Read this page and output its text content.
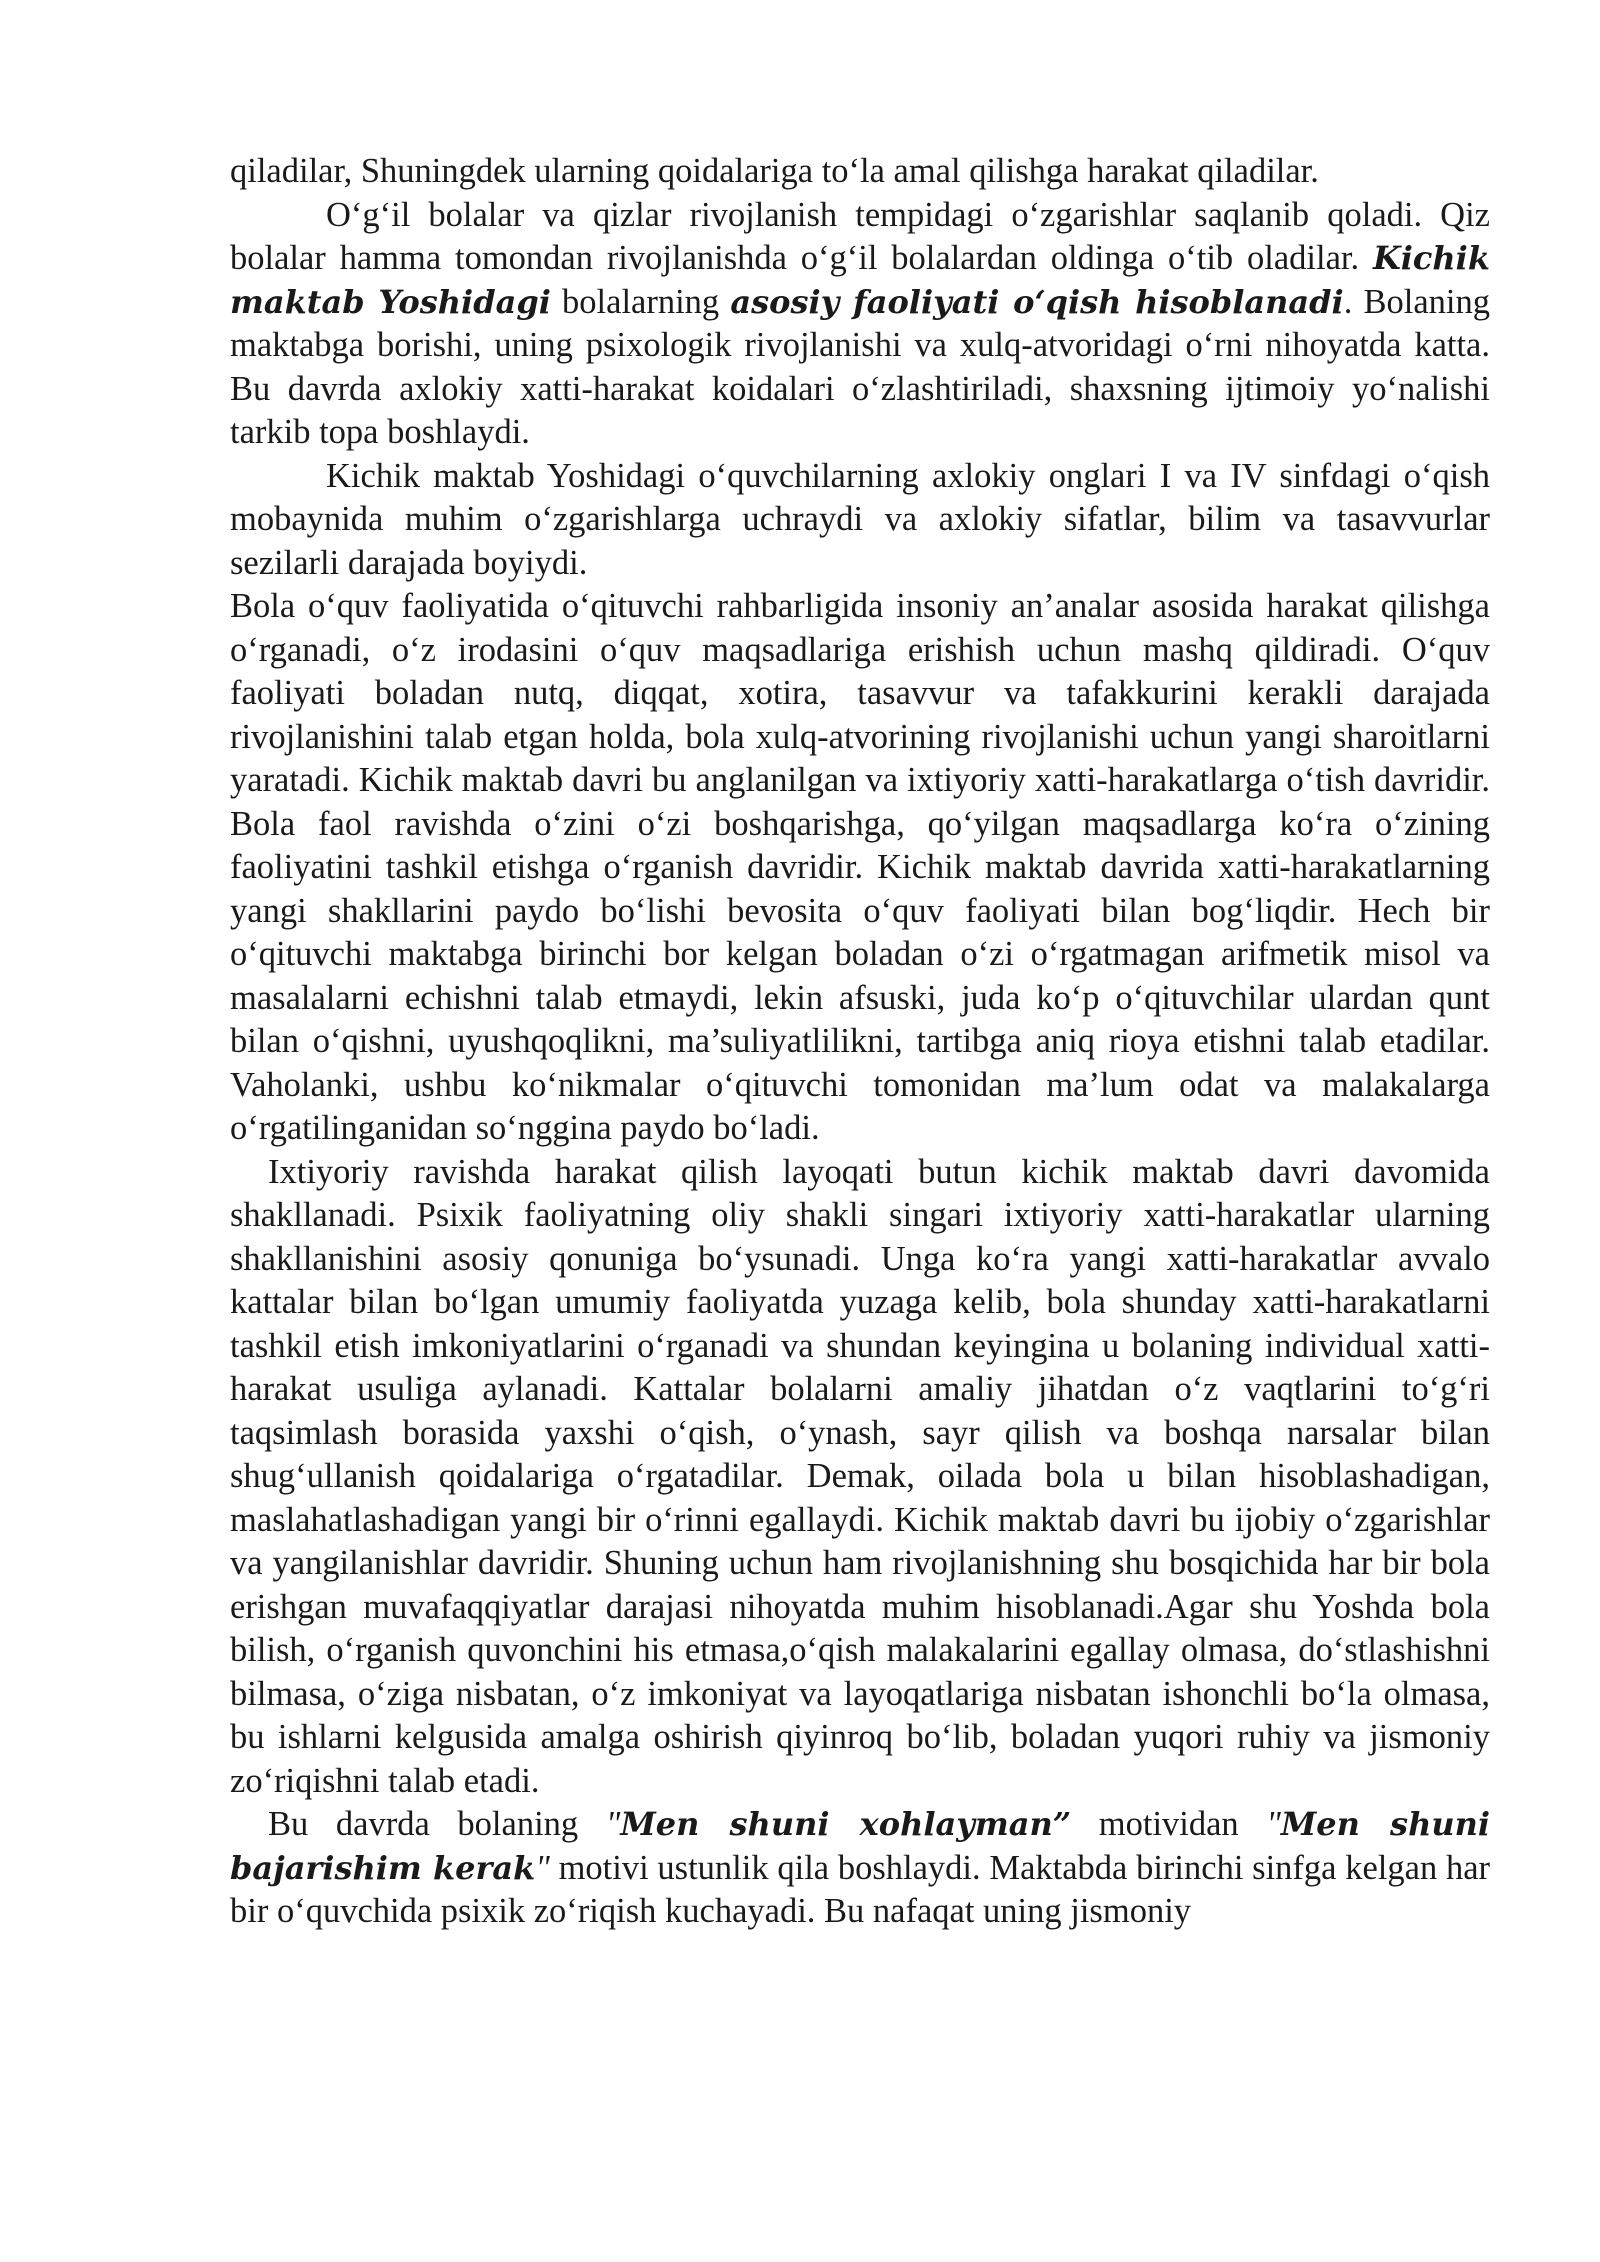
qiladilar, Shuningdek ularning qoidalariga to‘la amal qilishga harakat qiladilar.

O‘g‘il bolalar va qizlar rivojlanish tempidagi o‘zgarishlar saqlanib qoladi. Qiz bolalar hamma tomondan rivojlanishda o‘g‘il bolalardan oldinga o‘tib oladilar. Kichik maktab Yoshidagi bolalarning asosiy faoliyati o‘qish hisoblanadi. Bolaning maktabga borishi, uning psixologik rivojlanishi va xulq-atvoridagi o‘rni nihoyatda katta. Bu davrda axlokiy xatti-harakat koidalari o‘zlashtiriladi, shaxsning ijtimoiy yo‘nalishi tarkib topa boshlaydi.

Kichik maktab Yoshidagi o‘quvchilarning axlokiy onglari I va IV sinfdagi o‘qish mobaynida muhim o‘zgarishlarga uchraydi va axlokiy sifatlar, bilim va tasavvurlar sezilarli darajada boyiydi.

Bola o‘quv faoliyatida o‘qituvchi rahbarligida insoniy an’analar asosida harakat qilishga o‘rganadi, o‘z irodasini o‘quv maqsadlariga erishish uchun mashq qildiradi. O‘quv faoliyati boladan nutq, diqqat, xotira, tasavvur va tafakkurini kerakli darajada rivojlanishini talab etgan holda, bola xulq-atvorining rivojlanishi uchun yangi sharoitlarni yaratadi. Kichik maktab davri bu anglanilgan va ixtiyoriy xatti-harakatlarga o‘tish davridir. Bola faol ravishda o‘zini o‘zi boshqarishga, qo‘yilgan maqsadlarga ko‘ra o‘zining faoliyatini tashkil etishga o‘rganish davridir. Kichik maktab davrida xatti-harakatlarning yangi shakllarini paydo bo‘lishi bevosita o‘quv faoliyati bilan bog‘liqdir. Hech bir o‘qituvchi maktabga birinchi bor kelgan boladan o‘zi o‘rgatmagan arifmetik misol va masalalarni echishni talab etmaydi, lekin afsuski, juda ko‘p o‘qituvchilar ulardan qunt bilan o‘qishni, uyushqoqlikni, ma’suliyatlilikni, tartibga aniq rioya etishni talab etadilar. Vaholanki, ushbu ko‘nikmalar o‘qituvchi tomonidan ma’lum odat va malakalarga o‘rgatilinganidan so‘nggina paydo bo‘ladi.

Ixtiyoriy ravishda harakat qilish layoqati butun kichik maktab davri davomida shakllanadi. Psixik faoliyatning oliy shakli singari ixtiyoriy xatti-harakatlar ularning shakllanishini asosiy qonuniga bo‘ysunadi. Unga ko‘ra yangi xatti-harakatlar avvalo kattalar bilan bo‘lgan umumiy faoliyatda yuzaga kelib, bola shunday xatti-harakatlarni tashkil etish imkoniyatlarini o‘rganadi va shundan keyingina u bolaning individual xatti-harakat usuliga aylanadi. Kattalar bolalarni amaliy jihatdan o‘z vaqtlarini to‘g‘ri taqsimlash borasida yaxshi o‘qish, o‘ynash, sayr qilish va boshqa narsalar bilan shug‘ullanish qoidalariga o‘rgatadilar. Demak, oilada bola u bilan hisoblashadigan, maslahatlashadigan yangi bir o‘rinni egallaydi. Kichik maktab davri bu ijobiy o‘zgarishlar va yangilanishlar davridir. Shuning uchun ham rivojlanishning shu bosqichida har bir bola erishgan muvafaqqiyatlar darajasi nihoyatda muhim hisoblanadi.Agar shu Yoshda bola bilish, o‘rganish quvonchini his etmasa,o‘qish malakalarini egallay olmasa, do‘stlashishni bilmasa, o‘ziga nisbatan, o‘z imkoniyat va layoqatlariga nisbatan ishonchli bo‘la olmasa, bu ishlarni kelgusida amalga oshirish qiyinroq bo‘lib, boladan yuqori ruhiy va jismoniy zo‘riqishni talab etadi.

Bu davrda bolaning "Men shuni xohlayman” motividan "Men shuni bajarishim kerak" motivi ustunlik qila boshlaydi. Maktabda birinchi sinfga kelgan har bir o‘quvchida psixik zo‘riqish kuchayadi. Bu nafaqat uning jismoniy
